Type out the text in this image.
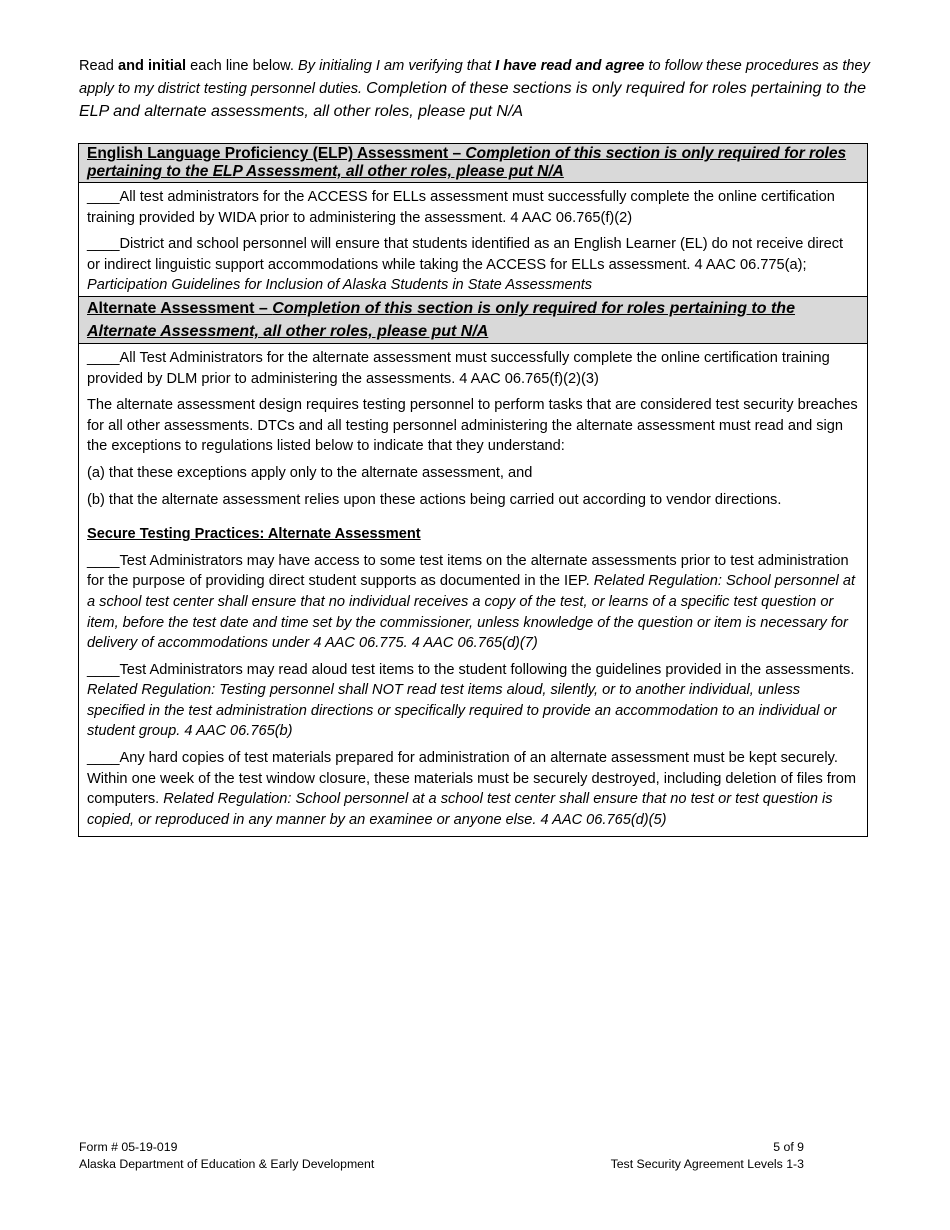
Read and initial each line below. By initialing I am verifying that I have read and agree to follow these procedures as they apply to my district testing personnel duties. Completion of these sections is only required for roles pertaining to the ELP and alternate assessments, all other roles, please put N/A
English Language Proficiency (ELP) Assessment – Completion of this section is only required for roles pertaining to the ELP Assessment, all other roles, please put N/A

____All test administrators for the ACCESS for ELLs assessment must successfully complete the online certification training provided by WIDA prior to administering the assessment. 4 AAC 06.765(f)(2)

____District and school personnel will ensure that students identified as an English Learner (EL) do not receive direct or indirect linguistic support accommodations while taking the ACCESS for ELLs assessment. 4 AAC 06.775(a); Participation Guidelines for Inclusion of Alaska Students in State Assessments

Alternate Assessment – Completion of this section is only required for roles pertaining to the Alternate Assessment, all other roles, please put N/A

____All Test Administrators for the alternate assessment must successfully complete the online certification training provided by DLM prior to administering the assessments. 4 AAC 06.765(f)(2)(3)

The alternate assessment design requires testing personnel to perform tasks that are considered test security breaches for all other assessments. DTCs and all testing personnel administering the alternate assessment must read and sign the exceptions to regulations listed below to indicate that they understand:

(a) that these exceptions apply only to the alternate assessment, and

(b) that the alternate assessment relies upon these actions being carried out according to vendor directions.

Secure Testing Practices: Alternate Assessment

____Test Administrators may have access to some test items on the alternate assessments prior to test administration for the purpose of providing direct student supports as documented in the IEP. Related Regulation: School personnel at a school test center shall ensure that no individual receives a copy of the test, or learns of a specific test question or item, before the test date and time set by the commissioner, unless knowledge of the question or item is necessary for delivery of accommodations under 4 AAC 06.775. 4 AAC 06.765(d)(7)

____Test Administrators may read aloud test items to the student following the guidelines provided in the assessments. Related Regulation: Testing personnel shall NOT read test items aloud, silently, or to another individual, unless specified in the test administration directions or specifically required to provide an accommodation to an individual or student group. 4 AAC 06.765(b)

____Any hard copies of test materials prepared for administration of an alternate assessment must be kept securely. Within one week of the test window closure, these materials must be securely destroyed, including deletion of files from computers. Related Regulation: School personnel at a school test center shall ensure that no test or test question is copied, or reproduced in any manner by an examinee or anyone else. 4 AAC 06.765(d)(5)

Form # 05-19-019
Alaska Department of Education & Early Development
5 of 9
Test Security Agreement Levels 1-3
